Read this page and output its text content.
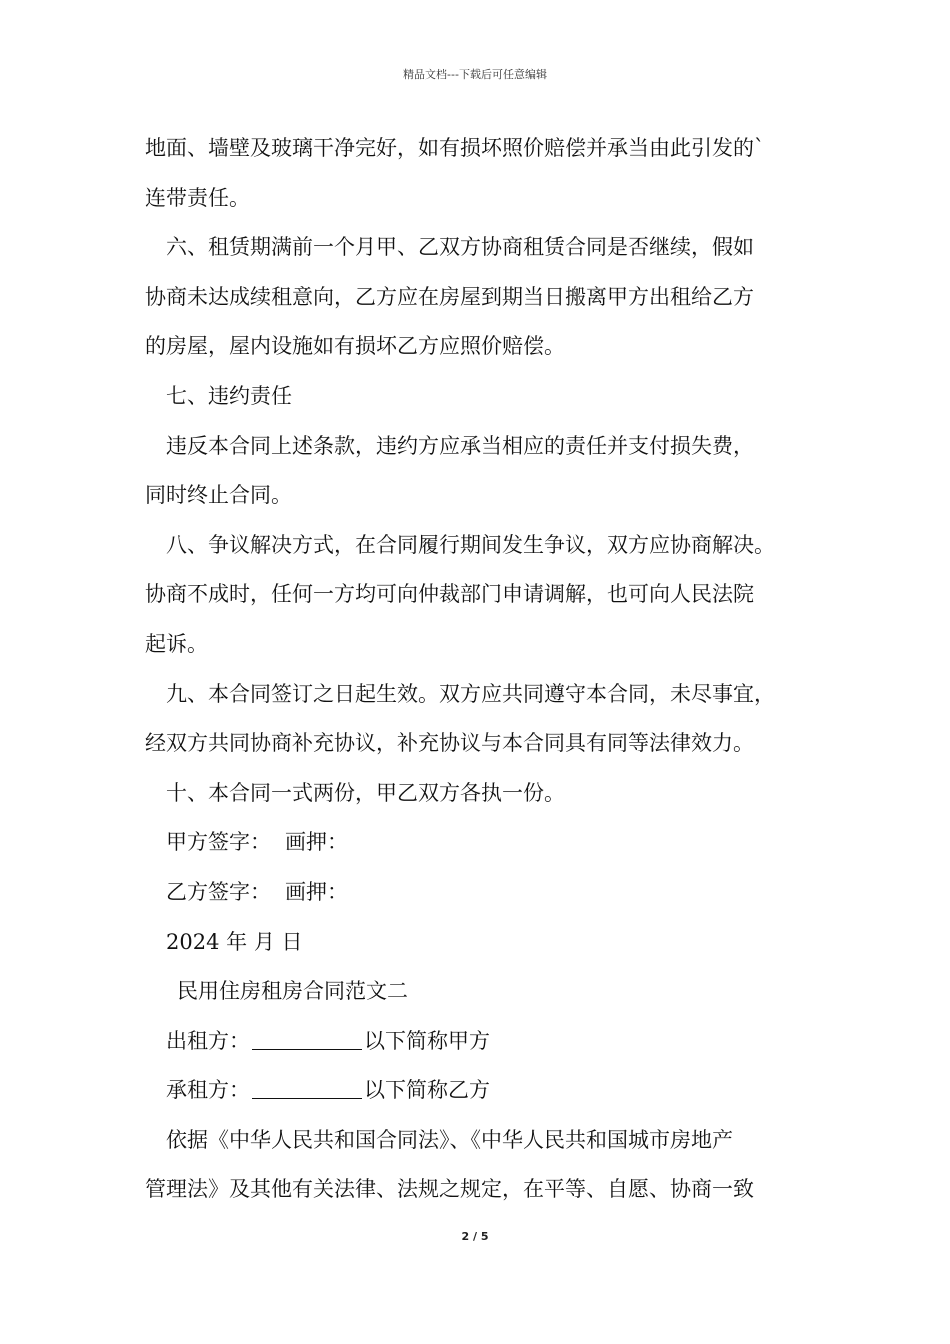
精品文档---下载后可任意编辑
地面、墙壁及玻璃干净完好，如有损坏照价赔偿并承当由此引发的`
连带责任。
六、租赁期满前一个月甲、乙双方协商租赁合同是否继续，假如
协商未达成续租意向，乙方应在房屋到期当日搬离甲方出租给乙方
的房屋，屋内设施如有损坏乙方应照价赔偿。
七、违约责任
违反本合同上述条款，违约方应承当相应的责任并支付损失费，
同时终止合同。
八、争议解决方式，在合同履行期间发生争议，双方应协商解决。
协商不成时，任何一方均可向仲裁部门申请调解，也可向人民法院
起诉。
九、本合同签订之日起生效。双方应共同遵守本合同，未尽事宜，
经双方共同协商补充协议，补充协议与本合同具有同等法律效力。
十、本合同一式两份，甲乙双方各执一份。
甲方签字： 画押：
乙方签字： 画押：
2024 年 月 日
民用住房租房合同范文二
出租方：	以下简称甲方
承租方：	以下简称乙方
依据《中华人民共和国合同法》、《中华人民共和国城市房地产
管理法》及其他有关法律、法规之规定，在平等、自愿、协商一致
2 / 5
